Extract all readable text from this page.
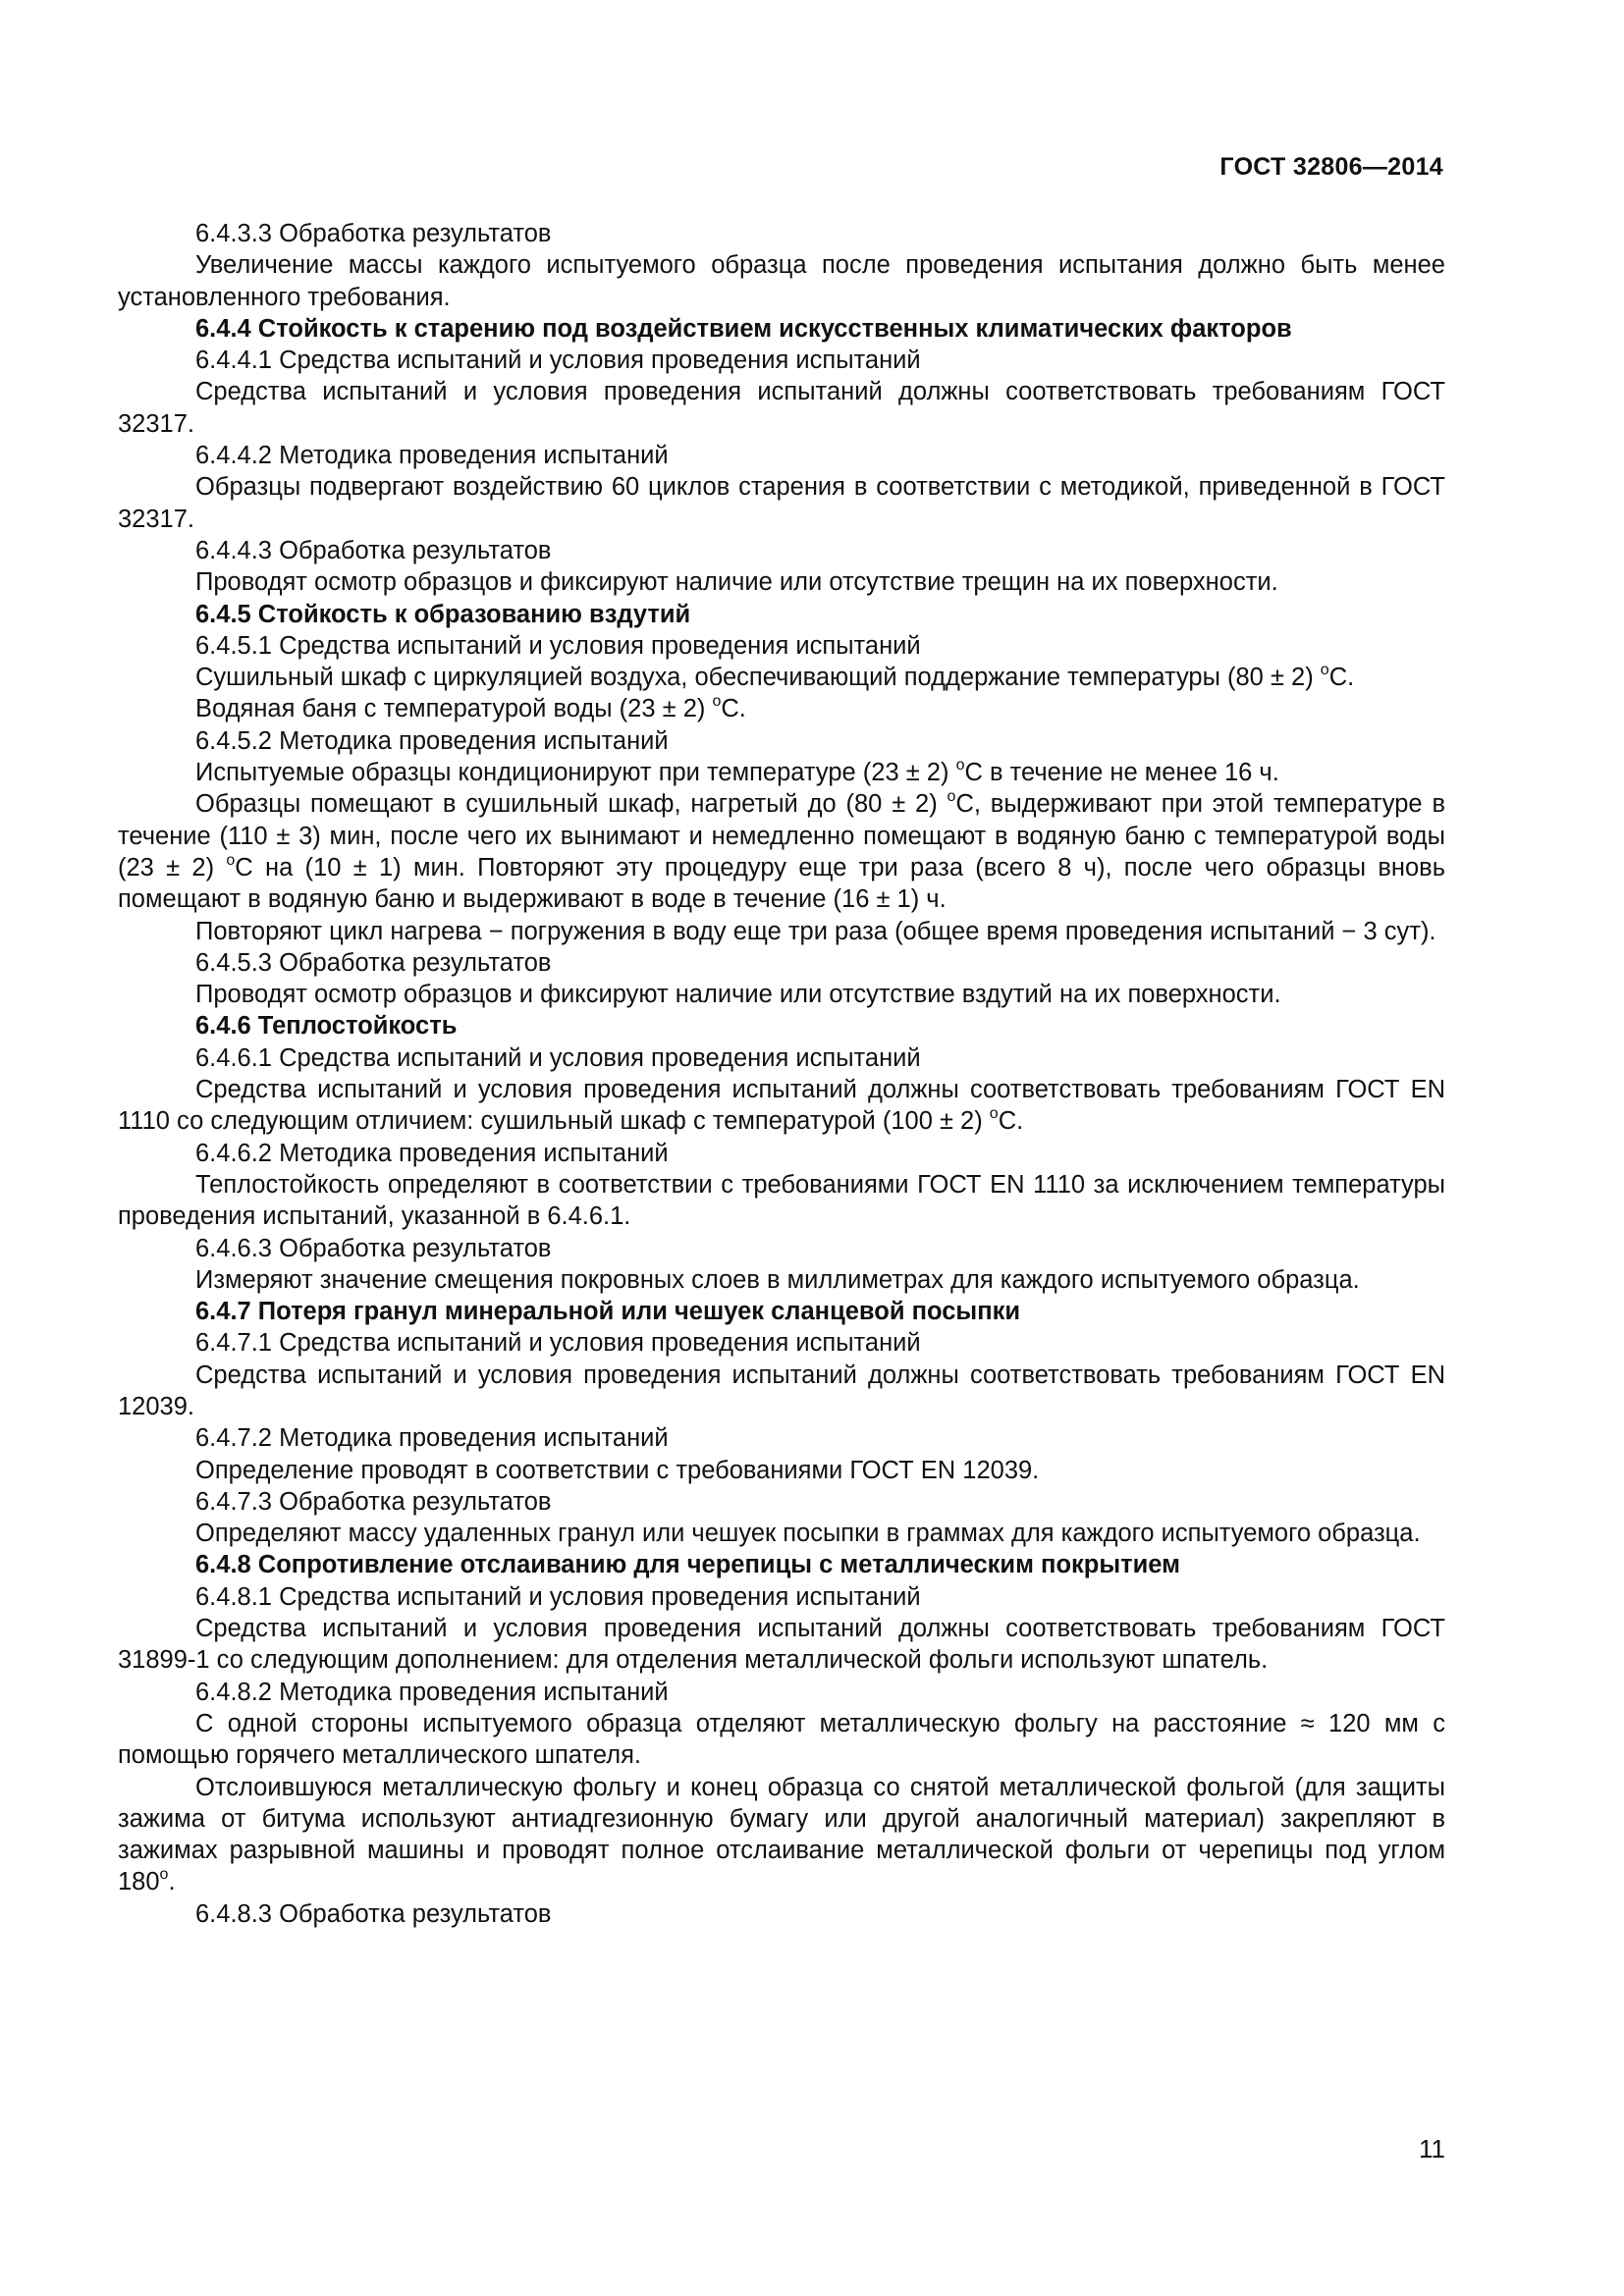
ГОСТ 32806—2014

6.4.3.3 Обработка результатов

Увеличение массы каждого испытуемого образца после проведения испытания должно быть менее установленного требования.

6.4.4 Стойкость к старению под воздействием искусственных климатических факторов

6.4.4.1 Средства испытаний и условия проведения испытаний

Средства испытаний и условия проведения испытаний должны соответствовать требованиям ГОСТ 32317.

6.4.4.2 Методика проведения испытаний

Образцы подвергают воздействию 60 циклов старения в соответствии с методикой, приведенной в ГОСТ 32317.

6.4.4.3 Обработка результатов

Проводят осмотр образцов и фиксируют наличие или отсутствие трещин на их поверхности.

6.4.5 Стойкость к образованию вздутий

6.4.5.1 Средства испытаний и условия проведения испытаний

Сушильный шкаф с циркуляцией воздуха, обеспечивающий поддержание температуры (80 ± 2) $^o$С.

Водяная баня с температурой воды (23 ± 2) $^o$С.

6.4.5.2 Методика проведения испытаний

Испытуемые образцы кондиционируют при температуре (23 ± 2) $^o$С в течение не менее 16 ч.

Образцы помещают в сушильный шкаф, нагретый до (80 ± 2) $^o$С, выдерживают при этой температуре в течение (110 ± 3) мин, после чего их вынимают и немедленно помещают в водяную баню с температурой воды (23 ± 2) $^o$С на (10 ± 1) мин. Повторяют эту процедуру еще три раза (всего 8 ч), после чего образцы вновь помещают в водяную баню и выдерживают в воде в течение (16 ± 1) ч.

Повторяют цикл нагрева − погружения в воду еще три раза (общее время проведения испытаний − 3 сут).

6.4.5.3 Обработка результатов

Проводят осмотр образцов и фиксируют наличие или отсутствие вздутий на их поверхности.

6.4.6 Теплостойкость

6.4.6.1 Средства испытаний и условия проведения испытаний

Средства испытаний и условия проведения испытаний должны соответствовать требованиям ГОСТ EN 1110 со следующим отличием: сушильный шкаф с температурой (100 ± 2) $^o$С.

6.4.6.2 Методика проведения испытаний

Теплостойкость определяют в соответствии с требованиями ГОСТ EN 1110 за исключением температуры проведения испытаний, указанной в 6.4.6.1.

6.4.6.3 Обработка результатов

Измеряют значение смещения покровных слоев в миллиметрах для каждого испытуемого образца.

6.4.7 Потеря гранул минеральной или чешуек сланцевой посыпки

6.4.7.1 Средства испытаний и условия проведения испытаний

Средства испытаний и условия проведения испытаний должны соответствовать требованиям ГОСТ EN 12039.

6.4.7.2 Методика проведения испытаний

Определение проводят в соответствии с требованиями ГОСТ EN 12039.

6.4.7.3 Обработка результатов

Определяют массу удаленных гранул или чешуек посыпки в граммах для каждого испытуемого образца.

6.4.8 Сопротивление отслаиванию для черепицы с металлическим покрытием

6.4.8.1 Средства испытаний и условия проведения испытаний

Средства испытаний и условия проведения испытаний должны соответствовать требованиям ГОСТ 31899-1 со следующим дополнением: для отделения металлической фольги используют шпатель.

6.4.8.2 Методика проведения испытаний

С одной стороны испытуемого образца отделяют металлическую фольгу на расстояние ≈ 120 мм с помощью горячего металлического шпателя.

Отслоившуюся металлическую фольгу и конец образца со снятой металлической фольгой (для защиты зажима от битума используют антиадгезионную бумагу или другой аналогичный материал) закрепляют в зажимах разрывной машины и проводят полное отслаивание металлической фольги от черепицы под углом 180$^o$.

6.4.8.3 Обработка результатов

11
